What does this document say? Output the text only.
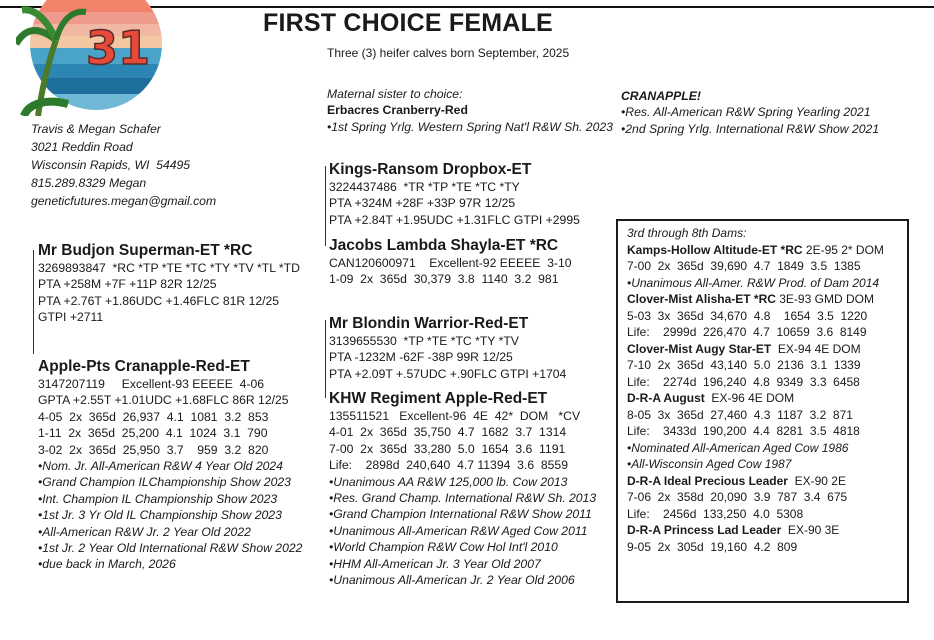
31	FIRST CHOICE FEMALE
Three (3) heifer calves born September, 2025
Travis & Megan Schafer
3021 Reddin Road
Wisconsin Rapids, WI  54495
815.289.8329 Megan
geneticfutures.megan@gmail.com
Mr Budjon Superman-ET *RC
3269893847  *RC *TP *TE *TC *TY *TV *TL *TD
PTA +258M +7F +11P 82R 12/25
PTA +2.76T +1.86UDC +1.46FLC 81R 12/25
GTPI +2711
Apple-Pts Cranapple-Red-ET
3147207119     Excellent-93 EEEEE  4-06
GPTA +2.55T +1.01UDC +1.68FLC 86R 12/25
4-05  2x  365d  26,937  4.1  1081  3.2  853
1-11  2x  365d  25,200  4.1  1024  3.1  790
3-02  2x  365d  25,950  3.7    959  3.2  820
•Nom. Jr. All-American R&W 4 Year Old 2024
•Grand Champion ILChampionship Show 2023
•Int. Champion IL Championship Show 2023
•1st Jr. 3 Yr Old IL Championship Show 2023
•All-American R&W Jr. 2 Year Old 2022
•1st Jr. 2 Year Old International R&W Show 2022
•due back in March, 2026
Maternal sister to choice:
Erbacres Cranberry-Red
•1st Spring Yrlg. Western Spring Nat'l R&W Sh. 2023
CRANAPPLE!
•Res. All-American R&W Spring Yearling 2021
•2nd Spring Yrlg. International R&W Show 2021
Kings-Ransom Dropbox-ET
3224437486  *TR *TP *TE *TC *TY
PTA +324M +28F +33P 97R 12/25
PTA +2.84T +1.95UDC +1.31FLC GTPI +2995
Jacobs Lambda Shayla-ET *RC
CAN120600971    Excellent-92 EEEEE  3-10
1-09  2x  365d  30,379  3.8  1140  3.2  981
Mr Blondin Warrior-Red-ET
3139655530  *TP *TE *TC *TY *TV
PTA -1232M -62F -38P 99R 12/25
PTA +2.09T +.57UDC +.90FLC GTPI +1704
KHW Regiment Apple-Red-ET
135511521   Excellent-96  4E  42*  DOM   *CV
4-01  2x  365d  35,750  4.7  1682  3.7  1314
7-00  2x  365d  33,280  5.0  1654  3.6  1191
Life:    2898d  240,640  4.7 11394  3.6  8559
•Unanimous AA R&W 125,000 lb. Cow 2013
•Res. Grand Champ. International R&W Sh. 2013
•Grand Champion International R&W Show 2011
•Unanimous All-American R&W Aged Cow 2011
•World Champion R&W Cow Hol Int'l 2010
•HHM All-American Jr. 3 Year Old 2007
•Unanimous All-American Jr. 2 Year Old 2006
3rd through 8th Dams:
Kamps-Hollow Altitude-ET *RC 2E-95 2* DOM
7-00  2x  365d  39,690  4.7  1849  3.5  1385
•Unanimous All-Amer. R&W Prod. of Dam 2014
Clover-Mist Alisha-ET *RC 3E-93 GMD DOM
5-03  3x  365d  34,670  4.8    1654  3.5  1220
Life:    2999d  226,470  4.7  10659  3.6  8149
Clover-Mist Augy Star-ET  EX-94 4E DOM
7-10  2x  365d  43,140  5.0  2136  3.1  1339
Life:    2274d  196,240  4.8  9349  3.3  6458
D-R-A August  EX-96 4E DOM
8-05  3x  365d  27,460  4.3  1187  3.2  871
Life:    3433d  190,200  4.4  8281  3.5  4818
•Nominated All-American Aged Cow 1986
•All-Wisconsin Aged Cow 1987
D-R-A Ideal Precious Leader  EX-90 2E
7-06  2x  358d  20,090  3.9  787  3.4  675
Life:    2456d  133,250  4.0  5308
D-R-A Princess Lad Leader  EX-90 3E
9-05  2x  305d  19,160  4.2  809
